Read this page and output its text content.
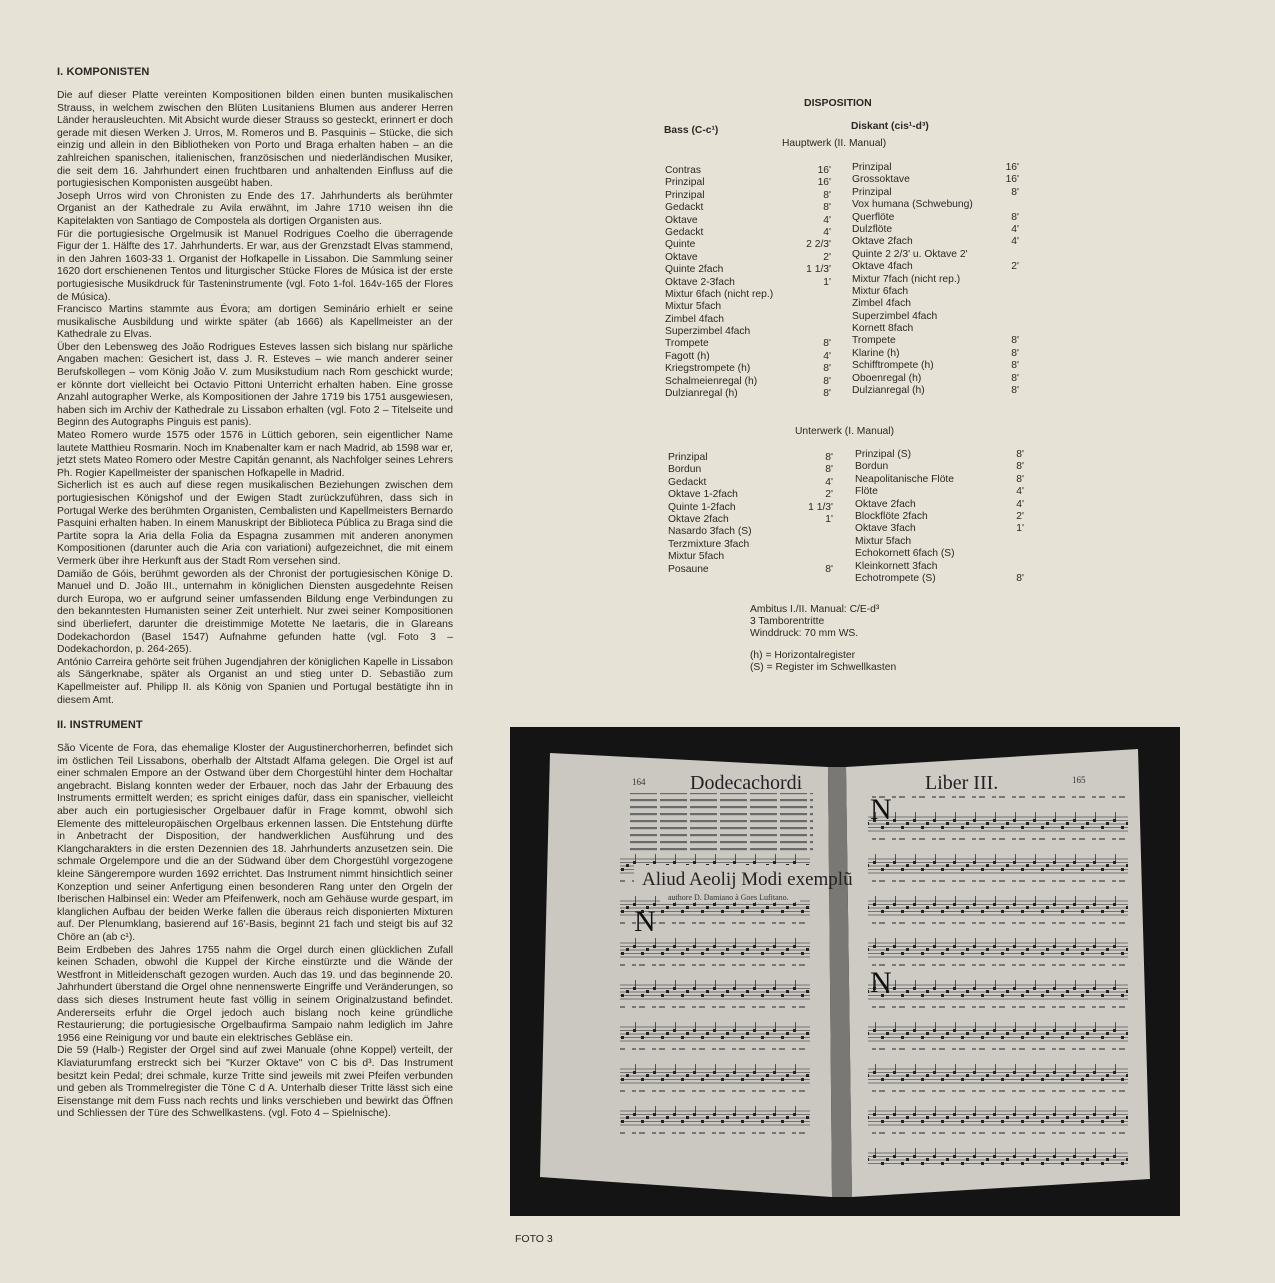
I. KOMPONISTEN

Die auf dieser Platte vereinten Kompositionen bilden einen bunten musikalischen Strauss, in welchem zwischen den Blüten Lusitaniens Blumen aus anderer Herren Länder herausleuchten. Mit Absicht wurde dieser Strauss so gesteckt, erinnert er doch gerade mit diesen Werken J. Urros, M. Romeros und B. Pasquinis – Stücke, die sich einzig und allein in den Bibliotheken von Porto und Braga erhalten haben – an die zahlreichen spanischen, italienischen, französischen und niederländischen Musiker, die seit dem 16. Jahrhundert einen fruchtbaren und anhaltenden Einfluss auf die portugiesischen Komponisten ausgeübt haben.
Joseph Urros wird von Chronisten zu Ende des 17. Jahrhunderts als berühmter Organist an der Kathedrale zu Avila erwähnt, im Jahre 1710 weisen ihn die Kapitelakten von Santiago de Compostela als dortigen Organisten aus.
Für die portugiesische Orgelmusik ist Manuel Rodrigues Coelho die überragende Figur der 1. Hälfte des 17. Jahrhunderts. Er war, aus der Grenzstadt Elvas stammend, in den Jahren 1603-33 1. Organist der Hofkapelle in Lissabon. Die Sammlung seiner 1620 dort erschienenen Tentos und liturgischer Stücke Flores de Música ist der erste portugiesische Musikdruck für Tasteninstrumente (vgl. Foto 1-fol. 164v-165 der Flores de Música).
Francisco Martins stammte aus Évora; am dortigen Seminário erhielt er seine musikalische Ausbildung und wirkte später (ab 1666) als Kapellmeister an der Kathedrale zu Elvas.
Über den Lebensweg des João Rodrigues Esteves lassen sich bislang nur spärliche Angaben machen: Gesichert ist, dass J. R. Esteves – wie manch anderer seiner Berufskollegen – vom König João V. zum Musikstudium nach Rom geschickt wurde; er könnte dort vielleicht bei Octavio Pittoni Unterricht erhalten haben. Eine grosse Anzahl autographer Werke, als Kompositionen der Jahre 1719 bis 1751 ausgewiesen, haben sich im Archiv der Kathedrale zu Lissabon erhalten (vgl. Foto 2 – Titelseite und Beginn des Autographs Pinguis est panis).
Mateo Romero wurde 1575 oder 1576 in Lüttich geboren, sein eigentlicher Name lautete Matthieu Rosmarin. Noch im Knabenalter kam er nach Madrid, ab 1598 war er, jetzt stets Mateo Romero oder Mestre Capitán genannt, als Nachfolger seines Lehrers Ph. Rogier Kapellmeister der spanischen Hofkapelle in Madrid.
Sicherlich ist es auch auf diese regen musikalischen Beziehungen zwischen dem portugiesischen Königshof und der Ewigen Stadt zurückzuführen, dass sich in Portugal Werke des berühmten Organisten, Cembalisten und Kapellmeisters Bernardo Pasquini erhalten haben. In einem Manuskript der Biblioteca Pública zu Braga sind die Partite sopra la Aria della Folia da Espagna zusammen mit anderen anonymen Kompositionen (darunter auch die Aria con variationi) aufgezeichnet, die mit einem Vermerk über ihre Herkunft aus der Stadt Rom versehen sind.
Damião de Góis, berühmt geworden als der Chronist der portugiesischen Könige D. Manuel und D. João III., unternahm in königlichen Diensten ausgedehnte Reisen durch Europa, wo er aufgrund seiner umfassenden Bildung enge Verbindungen zu den bekanntesten Humanisten seiner Zeit unterhielt. Nur zwei seiner Kompositionen sind überliefert, darunter die dreistimmige Motette Ne laetaris, die in Glareans Dodekachordon (Basel 1547) Aufnahme gefunden hatte (vgl. Foto 3 – Dodekachordon, p. 264-265).
António Carreira gehörte seit frühen Jugendjahren der königlichen Kapelle in Lissabon als Sängerknabe, später als Organist an und stieg unter D. Sebastião zum Kapellmeister auf. Philipp II. als König von Spanien und Portugal bestätigte ihn in diesem Amt.

II. INSTRUMENT

São Vicente de Fora, das ehemalige Kloster der Augustinerchorherren, befindet sich im östlichen Teil Lissabons, oberhalb der Altstadt Alfama gelegen. Die Orgel ist auf einer schmalen Empore an der Ostwand über dem Chorgestühl hinter dem Hochaltar angebracht. Bislang konnten weder der Erbauer, noch das Jahr der Erbauung des Instruments ermittelt werden; es spricht einiges dafür, dass ein spanischer, vielleicht aber auch ein portugiesischer Orgelbauer dafür in Frage kommt, obwohl sich Elemente des mitteleuropäischen Orgelbaus erkennen lassen. Die Entstehung dürfte in Anbetracht der Disposition, der handwerklichen Ausführung und des Klangcharakters in die ersten Dezennien des 18. Jahrhunderts anzusetzen sein. Die schmale Orgelempore und die an der Südwand über dem Chorgestühl vorgezogene kleine Sängerempore wurden 1692 errichtet. Das Instrument nimmt hinsichtlich seiner Konzeption und seiner Anfertigung einen besonderen Rang unter den Orgeln der Iberischen Halbinsel ein: Weder am Pfeifenwerk, noch am Gehäuse wurde gespart, im klanglichen Aufbau der beiden Werke fallen die überaus reich disponierten Mixturen auf. Der Plenumklang, basierend auf 16'-Basis, beginnt 21 fach und steigt bis auf 32 Chöre an (ab c¹).
Beim Erdbeben des Jahres 1755 nahm die Orgel durch einen glücklichen Zufall keinen Schaden, obwohl die Kuppel der Kirche einstürzte und die Wände der Westfront in Mitleidenschaft gezogen wurden. Auch das 19. und das beginnende 20. Jahrhundert überstand die Orgel ohne nennenswerte Eingriffe und Veränderungen, so dass sich dieses Instrument heute fast völlig in seinem Originalzustand befindet. Andererseits erfuhr die Orgel jedoch auch bislang noch keine gründliche Restaurierung; die portugiesische Orgelbaufirma Sampaio nahm lediglich im Jahre 1956 eine Reinigung vor und baute ein elektrisches Gebläse ein.
Die 59 (Halb-) Register der Orgel sind auf zwei Manuale (ohne Koppel) verteilt, der Klaviaturumfang erstreckt sich bei "Kurzer Oktave" von C bis d³. Das Instrument besitzt kein Pedal; drei schmale, kurze Tritte sind jeweils mit zwei Pfeifen verbunden und geben als Trommelregister die Töne C d A. Unterhalb dieser Tritte lässt sich eine Eisenstange mit dem Fuss nach rechts und links verschieben und bewirkt das Öffnen und Schliessen der Türe des Schwellkastens. (vgl. Foto 4 – Spielnische).

DISPOSITION
Bass (C-c¹)	Diskant (cis¹-d³)
Hauptwerk (II. Manual)
Contras	16'
Prinzipal	16'
Prinzipal	8'
Gedackt	8'
Oktave	4'
Gedackt	4'
Quinte	2 2/3'
Oktave	2'
Quinte 2fach	1 1/3'
Oktave 2-3fach	1'
Mixtur 6fach (nicht rep.)
Mixtur 5fach
Zimbel 4fach
Superzimbel 4fach
Trompete	8'
Fagott (h)	4'
Kriegstrompete (h)	8'
Schalmeienregal (h)	8'
Dulzianregal (h)	8'
Prinzipal	16'
Grossoktave	16'
Prinzipal	8'
Vox humana (Schwebung)
Querflöte	8'
Dulzflöte	4'
Oktave 2fach	4'
Quinte 2 2/3' u. Oktave 2'
Oktave 4fach	2'
Mixtur 7fach (nicht rep.)
Mixtur 6fach
Zimbel 4fach
Superzimbel 4fach
Kornett 8fach
Trompete	8'
Klarine (h)	8'
Schifftrompete (h)	8'
Oboenregal (h)	8'
Dulzianregal (h)	8'
Unterwerk (I. Manual)
Prinzipal	8'
Bordun	8'
Gedackt	4'
Oktave 1-2fach	2'
Quinte 1-2fach	1 1/3'
Oktave 2fach	1'
Nasardo 3fach (S)
Terzmixture 3fach
Mixtur 5fach
Posaune	8'
Prinzipal (S)	8'
Bordun	8'
Neapolitanische Flöte	8'
Flöte	4'
Oktave 2fach	4'
Blockflöte 2fach	2'
Oktave 3fach	1'
Mixtur 5fach
Echokornett 6fach (S)
Kleinkornett 3fach
Echotrompete (S)	8'
Ambitus I./II. Manual: C/E-d³
3 Tamborentritte
Winddruck: 70 mm WS.
(h) = Horizontalregister
(S) = Register im Schwellkasten
Dodecachordi
164	Liber III.	165
Aliud Aeolij Modi exemplũ
authore D. Damiano à Goes Lufitano.
N
N
N
FOTO 3
